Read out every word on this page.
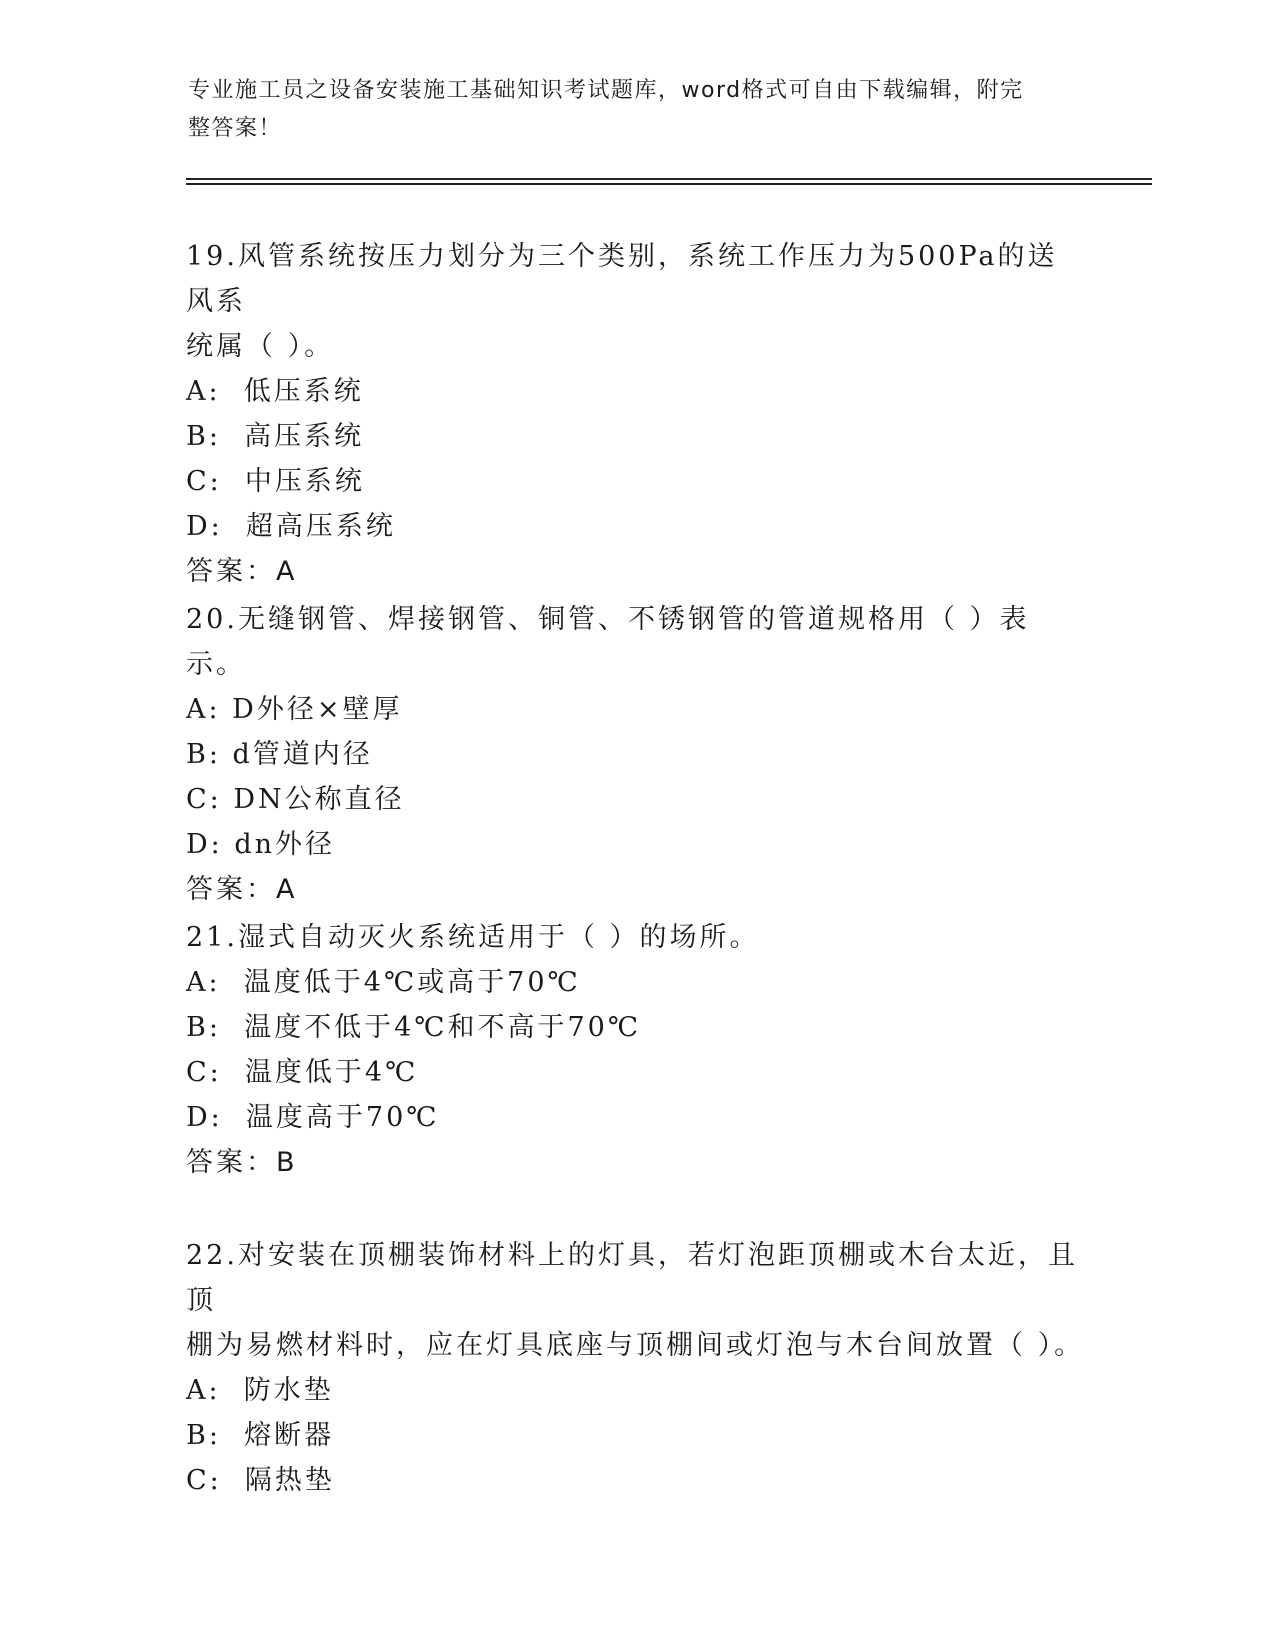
专业施工员之设备安装施工基础知识考试题库，word格式可自由下载编辑，附完
整答案！

19.风管系统按压力划分为三个类别，系统工作压力为500Pa的送风系

统属（ ）。

A:  低压系统

B:  高压系统

C:  中压系统

D:  超高压系统

答案：A

20.无缝钢管、焊接钢管、铜管、不锈钢管的管道规格用（ ）表示。

A: D外径×壁厚

B: d管道内径

C: DN公称直径

D: dn外径

答案：A

21.湿式自动灭火系统适用于（ ）的场所。

A:  温度低于4℃或高于70℃

B:  温度不低于4℃和不高于70℃

C:  温度低于4℃

D:  温度高于70℃

答案：B

22.对安装在顶棚装饰材料上的灯具，若灯泡距顶棚或木台太近，且顶

棚为易燃材料时，应在灯具底座与顶棚间或灯泡与木台间放置（ ）。

A:  防水垫

B:  熔断器

C:  隔热垫
